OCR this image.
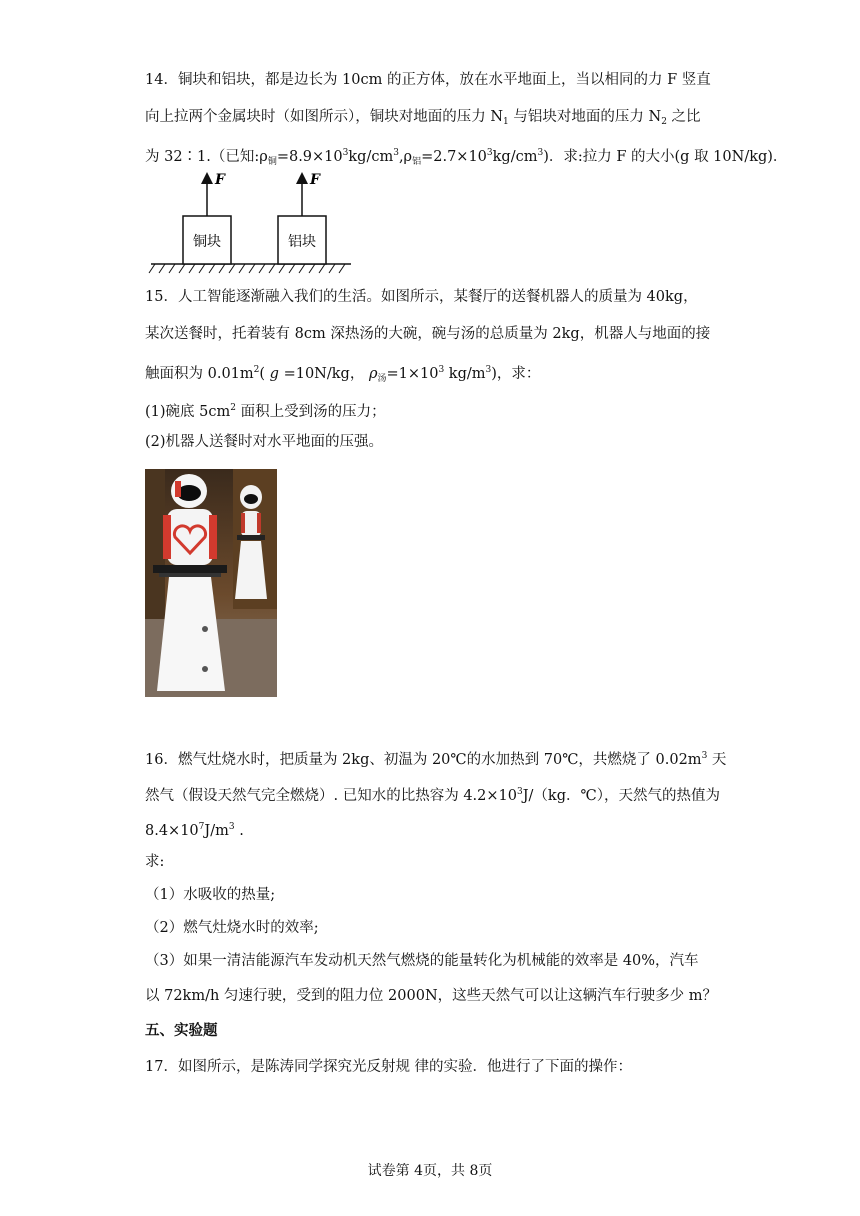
14．铜块和铝块，都是边长为 10cm 的正方体，放在水平地面上，当以相同的力 F 竖直
向上拉两个金属块时（如图所示），铜块对地面的压力 $N_1$ 与铝块对地面的压力 $N_2$ 之比
为 32∶1.（已知$:\rho_铜=8.9\times 10^3kg/cm^3,\rho_铝=2.7\times 10^3kg/cm^3$)．求:拉力 F 的大小(g 取 10N/kg)．
铜块
F
铝块
F
15．人工智能逐渐融入我们的生活。如图所示，某餐厅的送餐机器人的质量为 40kg，
某次送餐时，托着装有 8cm 深热汤的大碗，碗与汤的总质量为 2kg，机器人与地面的接
触面积为 $0.01m^2$( g =10N/kg， $\rho_汤=1\times 10^3$ $kg/m^3$)，求：
(1)碗底 $5cm^2$ 面积上受到汤的压力；
(2)机器人送餐时对水平地面的压强。
16．燃气灶烧水时，把质量为 2kg、初温为 20℃的水加热到 70℃，共燃烧了 $0.02m^3$ 天
然气（假设天然气完全燃烧）. 已知水的比热容为 $4.2\times 10^3J/(kg$．℃），天然气的热值为
$8.4\times 10^7J/m^3$ .
求:
（1）水吸收的热量;
（2）燃气灶烧水时的效率;
（3）如果一清洁能源汽车发动机天然气燃烧的能量转化为机械能的效率是 40%，汽车
以 72km/h 匀速行驶，受到的阻力位 2000N，这些天然气可以让这辆汽车行驶多少 m？
五、实验题
17．如图所示，是陈涛同学探究光反射规 律的实验．他进行了下面的操作：
试卷第 4页，共 8页
